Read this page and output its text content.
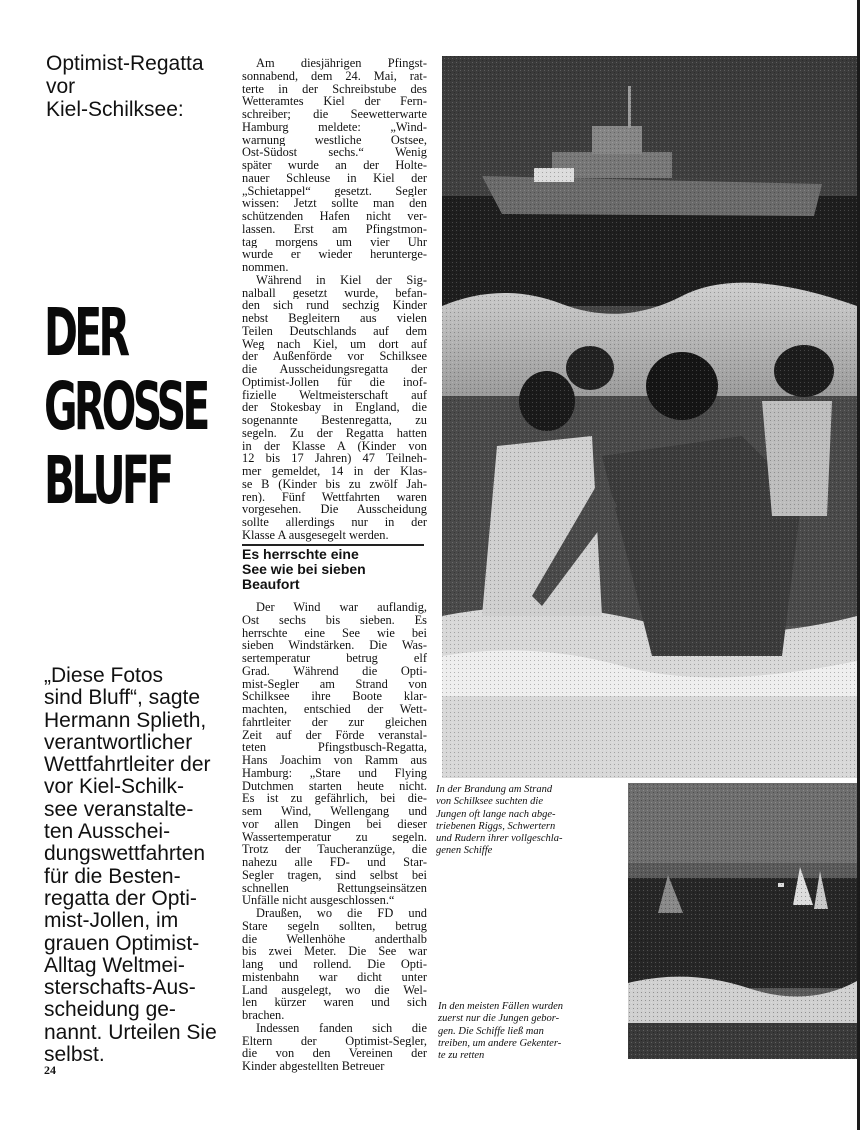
Optimist-Regatta
vor
Kiel-Schilksee:
DER
GROSSE
BLUFF
„Diese Fotos
sind Bluff“, sagte
Hermann Splieth,
verantwortlicher
Wettfahrtleiter der
vor Kiel-Schilk-
see veranstalte-
ten Ausschei-
dungswettfahrten
für die Besten-
regatta der Opti-
mist-Jollen, im
grauen Optimist-
Alltag Weltmei-
sterschafts-Aus-
scheidung ge-
nannt. Urteilen Sie
selbst.
24
Am diesjährigen Pfingst-
sonnabend, dem 24. Mai, rat-
terte in der Schreibstube des
Wetteramtes Kiel der Fern-
schreiber; die Seewetterwarte
Hamburg meldete: „Wind-
warnung westliche Ostsee,
Ost-Südost sechs.“ Wenig
später wurde an der Holte-
nauer Schleuse in Kiel der
„Schietappel“ gesetzt. Segler
wissen: Jetzt sollte man den
schützenden Hafen nicht ver-
lassen. Erst am Pfingstmon-
tag morgens um vier Uhr
wurde er wieder herunterge-
nommen.
Während in Kiel der Sig-
nalball gesetzt wurde, befan-
den sich rund sechzig Kinder
nebst Begleitern aus vielen
Teilen Deutschlands auf dem
Weg nach Kiel, um dort auf
der Außenförde vor Schilksee
die Ausscheidungsregatta der
Optimist-Jollen für die inof-
fizielle Weltmeisterschaft auf
der Stokesbay in England, die
sogenannte Bestenregatta, zu
segeln. Zu der Regatta hatten
in der Klasse A (Kinder von
12 bis 17 Jahren) 47 Teilneh-
mer gemeldet, 14 in der Klas-
se B (Kinder bis zu zwölf Jah-
ren). Fünf Wettfahrten waren
vorgesehen. Die Ausscheidung
sollte allerdings nur in der
Klasse A ausgesegelt werden.
Es herrschte eine
See wie bei sieben
Beaufort
Der Wind war auflandig,
Ost sechs bis sieben. Es
herrschte eine See wie bei
sieben Windstärken. Die Was-
sertemperatur betrug elf
Grad. Während die Opti-
mist-Segler am Strand von
Schilksee ihre Boote klar-
machten, entschied der Wett-
fahrtleiter der zur gleichen
Zeit auf der Förde veranstal-
teten Pfingstbusch-Regatta,
Hans Joachim von Ramm aus
Hamburg: „Stare und Flying
Dutchmen starten heute nicht.
Es ist zu gefährlich, bei die-
sem Wind, Wellengang und
vor allen Dingen bei dieser
Wassertemperatur zu segeln.
Trotz der Taucheranzüge, die
nahezu alle FD- und Star-
Segler tragen, sind selbst bei
schnellen Rettungseinsätzen
Unfälle nicht ausgeschlossen.“
Draußen, wo die FD und
Stare segeln sollten, betrug
die Wellenhöhe anderthalb
bis zwei Meter. Die See war
lang und rollend. Die Opti-
mistenbahn war dicht unter
Land ausgelegt, wo die Wel-
len kürzer waren und sich
brachen.
Indessen fanden sich die
Eltern der Optimist-Segler,
die von den Vereinen der
Kinder abgestellten Betreuer
In der Brandung am Strand
von Schilksee suchten die
Jungen oft lange nach abge-
triebenen Riggs, Schwertern
und Rudern ihrer vollgeschla-
genen Schiffe
In den meisten Fällen wurden
zuerst nur die Jungen gebor-
gen. Die Schiffe ließ man
treiben, um andere Gekenter-
te zu retten
